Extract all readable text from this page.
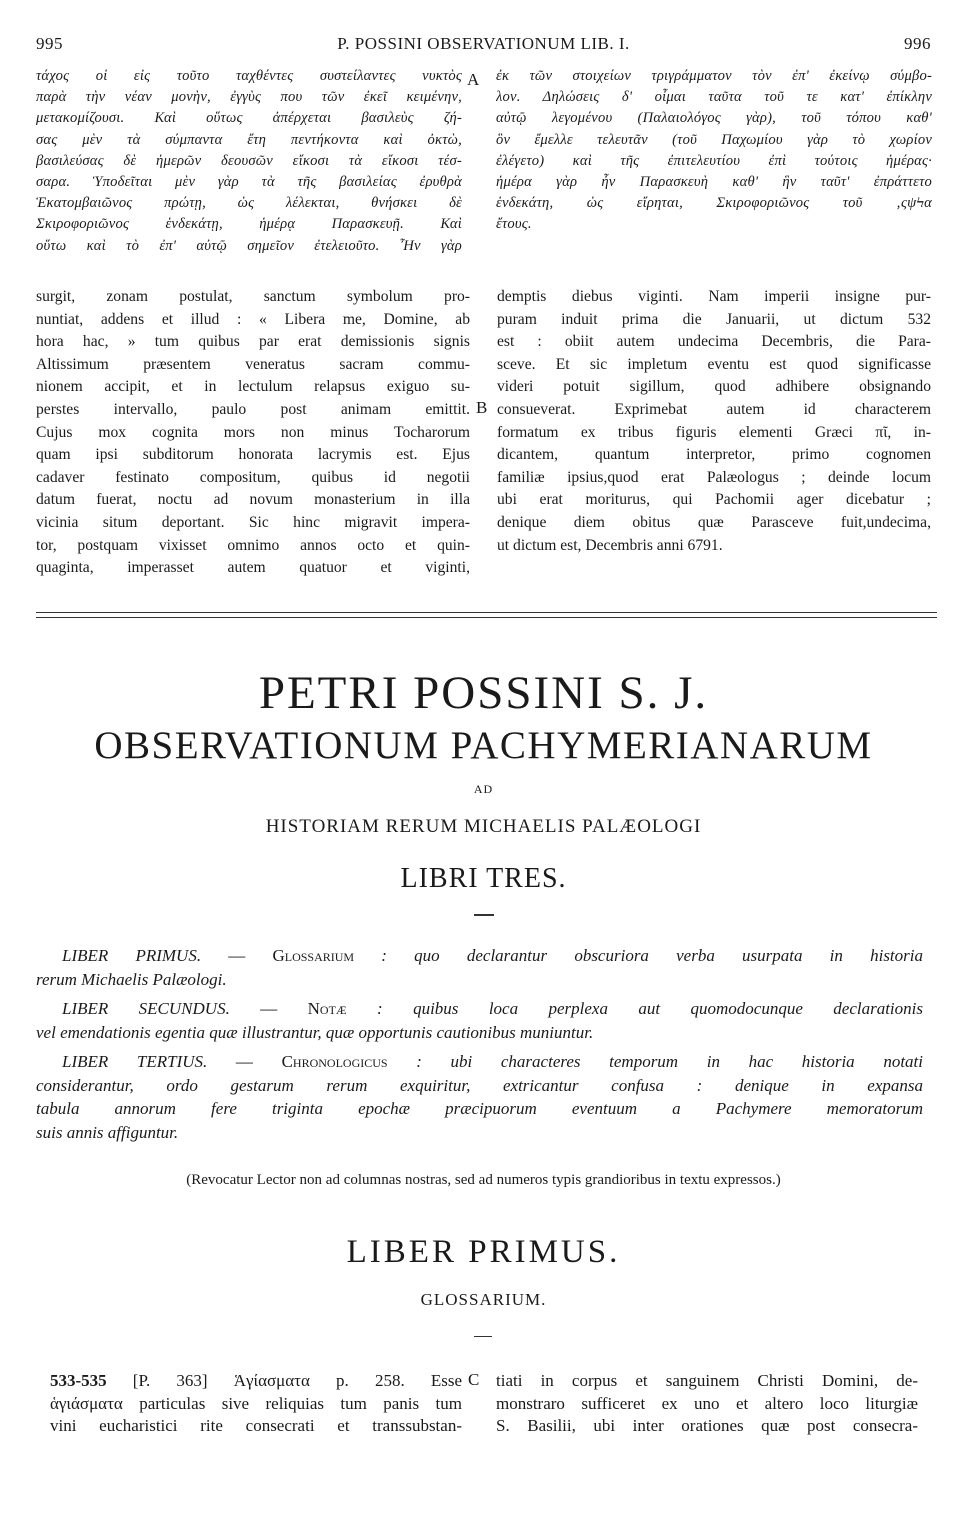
995	P. POSSINI OBSERVATIONUM LIB. I.	996
τάχος οἱ εἰς τοῦτο ταχθέντες συστείλαντες νυκτὸς
παρὰ τὴν νέαν μονὴν, ἐγγὺς που τῶν ἐκεῖ κειμένην,
μετακομίζουσι. Καὶ οὕτως ἀπέρχεται βασιλεὺς ζή-
σας μὲν τὰ σύμπαντα ἔτη πεντήκοντα καὶ ὀκτὼ,
βασιλεύσας δὲ ἡμερῶν δεουσῶν εἴκοσι τὰ εἴκοσι τέσ-
σαρα. Ὑποδεῖται μὲν γὰρ τὰ τῆς βασιλείας ἐρυθρὰ
Ἑκατομβαιῶνος πρώτῃ, ὡς λέλεκται, θνήσκει δὲ
Σκιροφοριῶνος ἑνδεκάτῃ, ἡμέρᾳ Παρασκευῇ. Καὶ
οὕτω καὶ τὸ ἐπ' αὐτῷ σημεῖον ἐτελειοῦτο. Ἦν γὰρ
A ἐκ τῶν στοιχείων τριγράμματον τὸν ἐπ' ἐκείνῳ σύμβο-
λον. Δηλώσεις δ' οἶμαι ταῦτα τοῦ τε κατ' ἐπίκλην
αὐτῷ λεγομένου (Παλαιολόγος γὰρ), τοῦ τόπου καθ'
ὃν ἔμελλε τελευτᾶν (τοῦ Παχωμίου γὰρ τὸ χωρίον
ἐλέγετο) καὶ τῆς ἐπιτελευτίου ἐπὶ τούτοις ἡμέρας·
ἡμέρα γὰρ ἦν Παρασκευὴ καθ' ἣν ταῦτ' ἐπράττετο
ἑνδεκάτη, ὡς εἴρηται, Σκιροφοριῶνος τοῦ ‚ςψϞα
ἔτους.
surgit, zonam postulat, sanctum symbolum pro-
nuntiat, addens et illud : « Libera me, Domine, ab
hora hac, » tum quibus par erat demissionis signis
Altissimum præsentem veneratus sacram commu-
nionem accipit, et in lectulum relapsus exiguo su-
perstes intervallo, paulo post animam emittit.
Cujus mox cognita mors non minus Tocharorum
quam ipsi subditorum honorata lacrymis est. Ejus
cadaver festinato compositum, quibus id negotii
datum fuerat, noctu ad novum monasterium in illa
vicinia situm deportant. Sic hinc migravit impera-
tor, postquam vixisset omnimo annos octo et quin-
quaginta, imperasset autem quatuor et viginti,
B
demptis diebus viginti. Nam imperii insigne pur-
puram induit prima die Januarii, ut dictum 532
est : obiit autem undecima Decembris, die Para-
sceve. Et sic impletum eventu est quod significasse
videri potuit sigillum, quod adhibere obsignando
consueverat. Exprimebat autem id characterem
formatum ex tribus figuris elementi Græci πῖ, in-
dicantem, quantum interpretor, primo cognomen
familiæ ipsius,quod erat Palæologus ; deinde locum
ubi erat moriturus, qui Pachomii ager dicebatur ;
denique diem obitus quæ Parasceve fuit,undecima,
ut dictum est, Decembris anni 6791.
PETRI POSSINI S. J.
OBSERVATIONUM PACHYMERIANARUM
AD
HISTORIAM RERUM MICHAELIS PALÆOLOGI
LIBRI TRES.
LIBER PRIMUS. — Glossarium : quo declarantur obscuriora verba usurpata in historia
rerum Michaelis Palæologi.
LIBER SECUNDUS. — Notæ : quibus loca perplexa aut quomodocunque declarationis
vel emendationis egentia quæ illustrantur, quæ opportunis cautionibus muniuntur.
LIBER TERTIUS. — Chronologicus : ubi characteres temporum in hac historia notati
considerantur, ordo gestarum rerum exquiritur, extricantur confusa : denique in expansa
tabula annorum fere triginta epochæ præcipuorum eventuum a Pachymere memoratorum
suis annis affiguntur.
(Revocatur Lector non ad columnas nostras, sed ad numeros typis grandioribus in textu expressos.)
LIBER PRIMUS.
GLOSSARIUM.
533-535 [P. 363] Ἁγίασματα p. 258. Esse
ἁγιάσματα particulas sive reliquias tum panis tum
vini eucharistici rite consecrati et transsubstan-
C tiati in corpus et sanguinem Christi Domini, de-
monstraro sufficeret ex uno et altero loco liturgiæ
S. Basilii, ubi inter orationes quæ post consecra-
